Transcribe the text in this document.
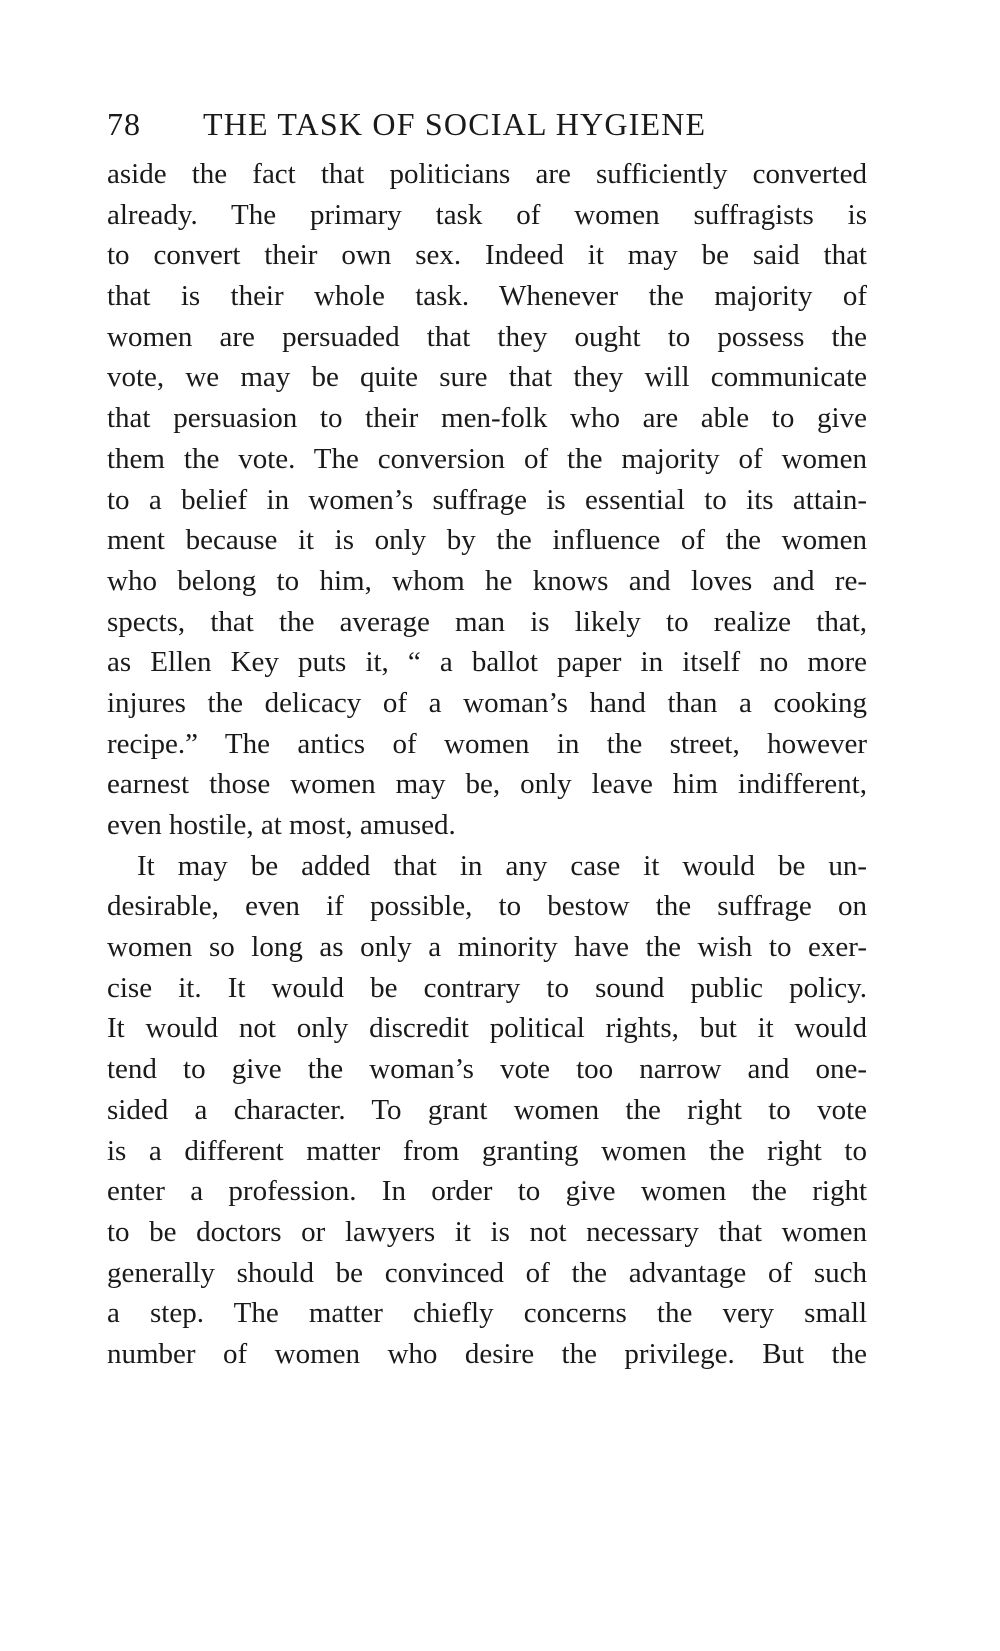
78 THE TASK OF SOCIAL HYGIENE
aside the fact that politicians are sufficiently converted
already. The primary task of women suffragists is
to convert their own sex. Indeed it may be said that
that is their whole task. Whenever the majority of
women are persuaded that they ought to possess the
vote, we may be quite sure that they will communicate
that persuasion to their men-folk who are able to give
them the vote. The conversion of the majority of women
to a belief in women’s suffrage is essential to its attain-
ment because it is only by the influence of the women
who belong to him, whom he knows and loves and re-
spects, that the average man is likely to realize that,
as Ellen Key puts it, “ a ballot paper in itself no more
injures the delicacy of a woman’s hand than a cooking
recipe.” The antics of women in the street, however
earnest those women may be, only leave him indifferent,
even hostile, at most, amused.
It may be added that in any case it would be un-
desirable, even if possible, to bestow the suffrage on
women so long as only a minority have the wish to exer-
cise it. It would be contrary to sound public policy.
It would not only discredit political rights, but it would
tend to give the woman’s vote too narrow and one-
sided a character. To grant women the right to vote
is a different matter from granting women the right to
enter a profession. In order to give women the right
to be doctors or lawyers it is not necessary that women
generally should be convinced of the advantage of such
a step. The matter chiefly concerns the very small
number of women who desire the privilege. But the
